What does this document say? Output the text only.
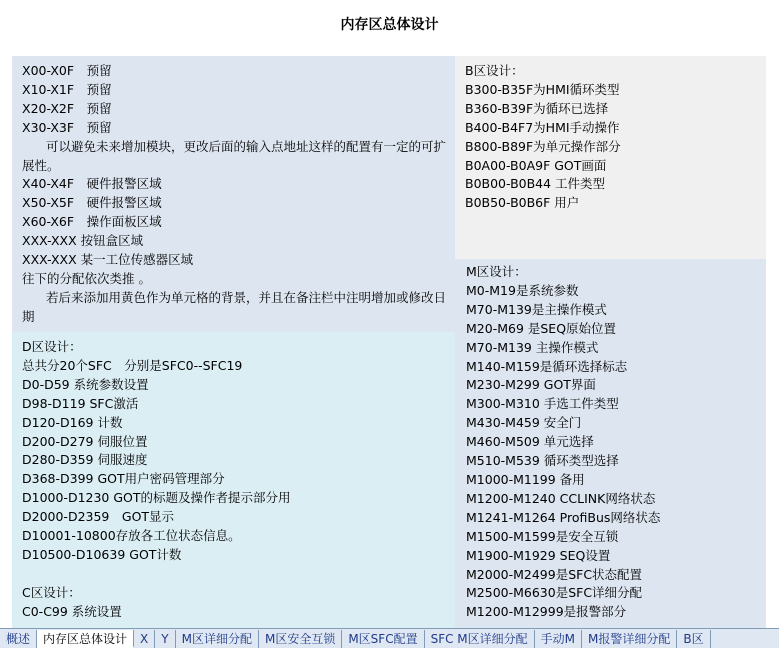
内存区总体设计
X00-X0F　预留
X10-X1F　预留
X20-X2F　预留
X30-X3F　预留
可以避免未来增加模块，更改后面的输入点地址这样的配置有一定的可扩展性。
X40-X4F　硬件报警区域
X50-X5F　硬件报警区域
X60-X6F　操作面板区域
XXX-XXX 按钮盒区域
XXX-XXX 某一工位传感器区域
往下的分配依次类推 。
若后来添加用黄色作为单元格的背景，并且在备注栏中注明增加或修改日期
B区设计：
B300-B35F为HMI循环类型
B360-B39F为循环已选择
B400-B4F7为HMI手动操作
B800-B89F为单元操作部分
B0A00-B0A9F GOT画面
B0B00-B0B44 工件类型
B0B50-B0B6F 用户
D区设计：
总共分20个SFC　分别是SFC0--SFC19
D0-D59 系统参数设置
D98-D119 SFC激活
D120-D169 计数
D200-D279 伺服位置
D280-D359 伺服速度
D368-D399 GOT用户密码管理部分
D1000-D1230 GOT的标题及操作者提示部分用
D2000-D2359　GOT显示
D10001-10800存放各工位状态信息。
D10500-D10639 GOT计数
C区设计：
C0-C99 系统设置
M区设计：
M0-M19是系统参数
M70-M139是主操作模式
M20-M69 是SEQ原始位置
M70-M139 主操作模式
M140-M159是循环选择标志
M230-M299 GOT界面
M300-M310 手选工件类型
M430-M459 安全门
M460-M509 单元选择
M510-M539 循环类型选择
M1000-M1199 备用
M1200-M1240 CCLINK网络状态
M1241-M1264 ProfiBus网络状态
M1500-M1599是安全互锁
M1900-M1929 SEQ设置
M2000-M2499是SFC状态配置
M2500-M6630是SFC详细分配
M1200-M12999是报警部分
概述	内存区总体设计	X	Y	M区详细分配	M区安全互锁	M区SFC配置	SFC M区详细分配	手动M	M报警详细分配	B区
